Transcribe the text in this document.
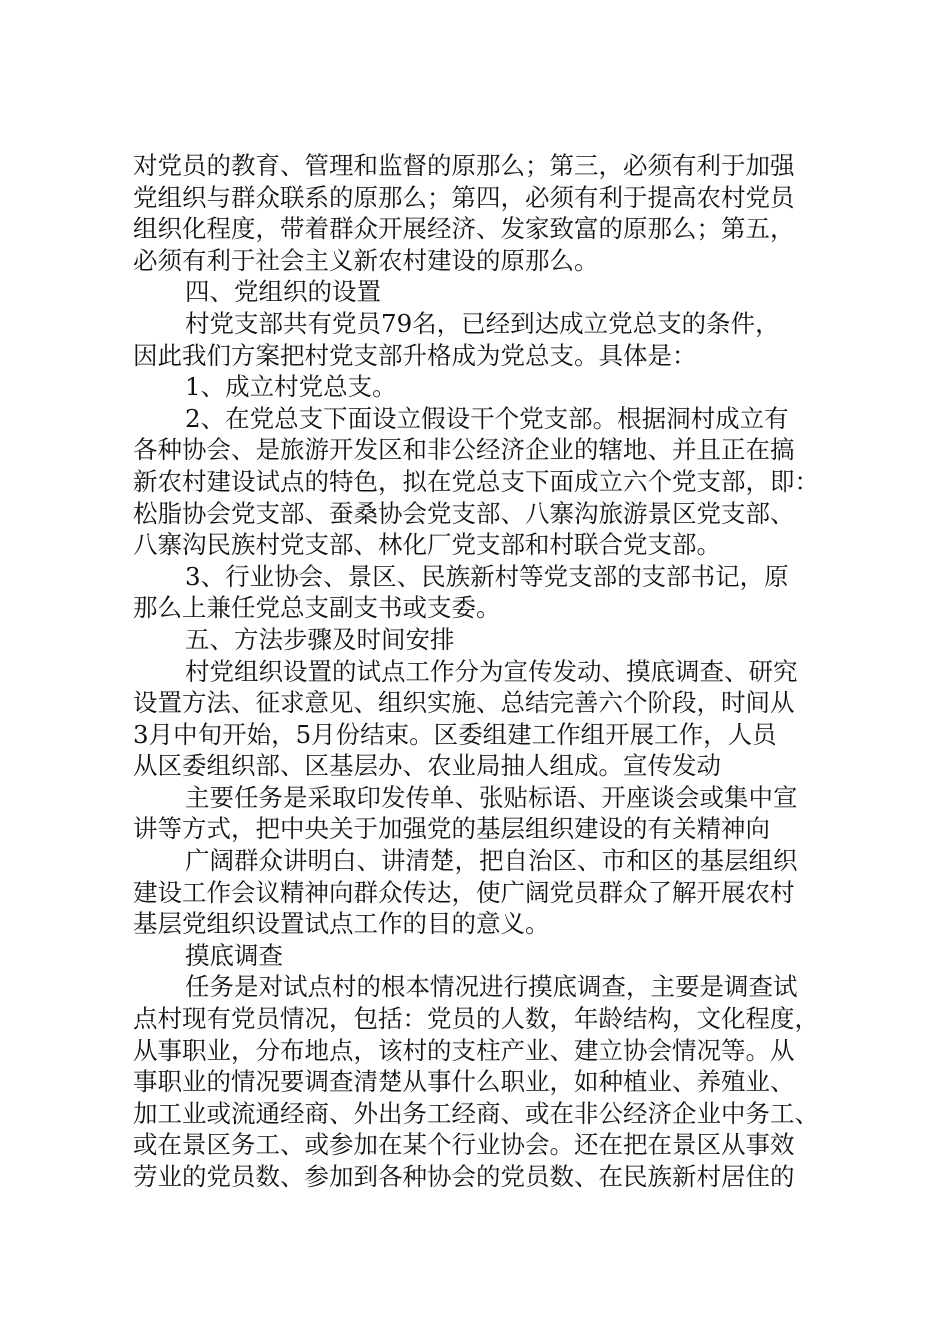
对党员的教育、管理和监督的原那么；第三，必须有利于加强
党组织与群众联系的原那么；第四，必须有利于提高农村党员
组织化程度，带着群众开展经济、发家致富的原那么；第五，
必须有利于社会主义新农村建设的原那么。
四、党组织的设置
村党支部共有党员79名，已经到达成立党总支的条件，
因此我们方案把村党支部升格成为党总支。具体是：
1、成立村党总支。
2、在党总支下面设立假设干个党支部。根据洞村成立有
各种协会、是旅游开发区和非公经济企业的辖地、并且正在搞
新农村建设试点的特色，拟在党总支下面成立六个党支部，即：
松脂协会党支部、蚕桑协会党支部、八寨沟旅游景区党支部、
八寨沟民族村党支部、林化厂党支部和村联合党支部。
3、行业协会、景区、民族新村等党支部的支部书记，原
那么上兼任党总支副支书或支委。
五、方法步骤及时间安排
村党组织设置的试点工作分为宣传发动、摸底调查、研究
设置方法、征求意见、组织实施、总结完善六个阶段，时间从
3月中旬开始，5月份结束。区委组建工作组开展工作，人员
从区委组织部、区基层办、农业局抽人组成。宣传发动
主要任务是采取印发传单、张贴标语、开座谈会或集中宣
讲等方式，把中央关于加强党的基层组织建设的有关精神向
广阔群众讲明白、讲清楚，把自治区、市和区的基层组织
建设工作会议精神向群众传达，使广阔党员群众了解开展农村
基层党组织设置试点工作的目的意义。
摸底调查
任务是对试点村的根本情况进行摸底调查，主要是调查试
点村现有党员情况，包括：党员的人数，年龄结构，文化程度，
从事职业，分布地点，该村的支柱产业、建立协会情况等。从
事职业的情况要调查清楚从事什么职业，如种植业、养殖业、
加工业或流通经商、外出务工经商、或在非公经济企业中务工、
或在景区务工、或参加在某个行业协会。还在把在景区从事效
劳业的党员数、参加到各种协会的党员数、在民族新村居住的
